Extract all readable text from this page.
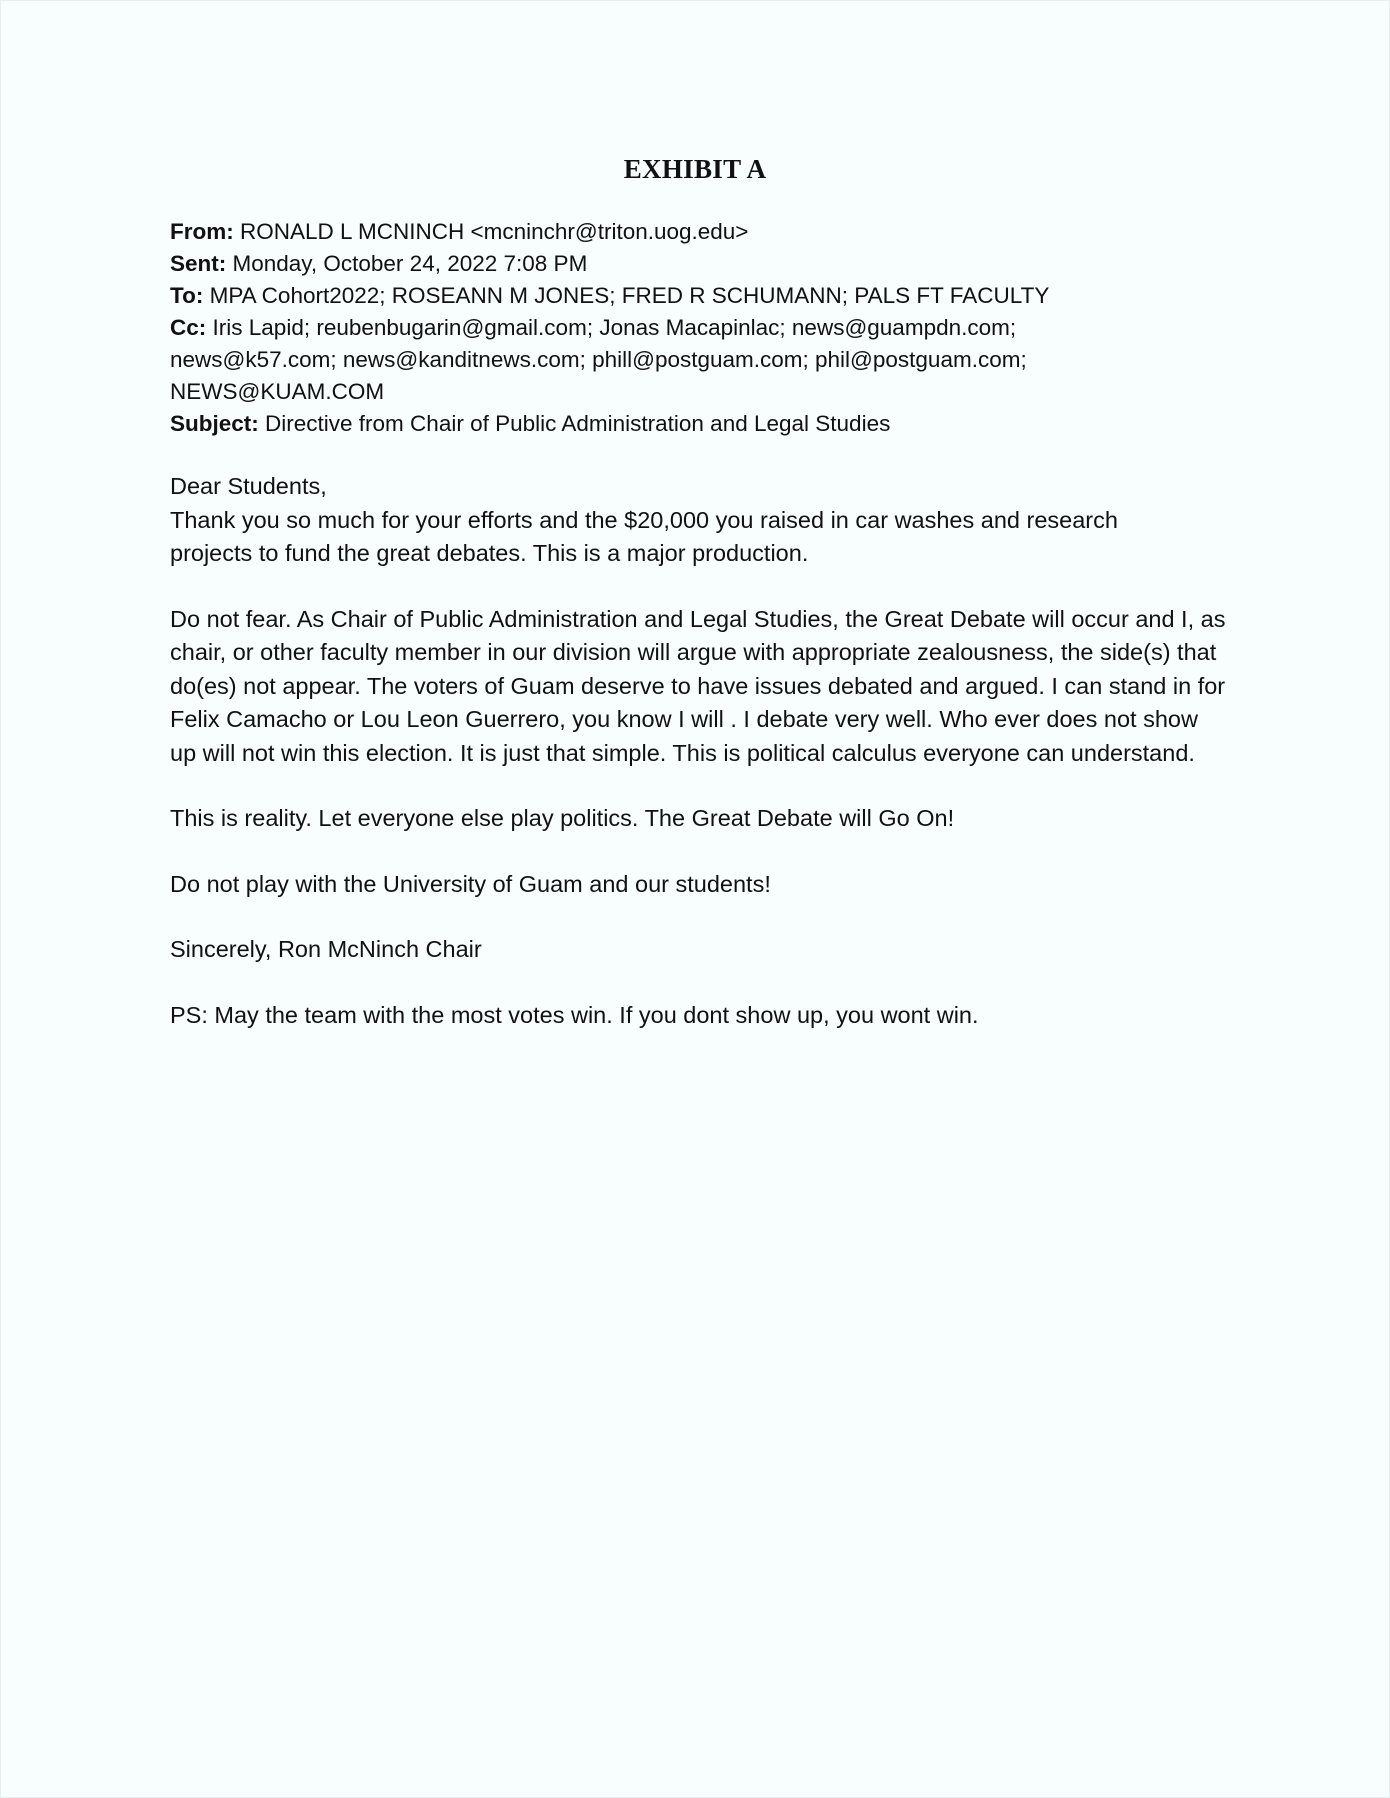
EXHIBIT A

From: RONALD L MCNINCH <mcninchr@triton.uog.edu>

Sent: Monday, October 24, 2022 7:08 PM

To: MPA Cohort2022; ROSEANN M JONES; FRED R SCHUMANN; PALS FT FACULTY

Cc: Iris Lapid; reubenbugarin@gmail.com; Jonas Macapinlac; news@guampdn.com;

news@k57.com; news@kanditnews.com; phill@postguam.com; phil@postguam.com;

NEWS@KUAM.COM

Subject: Directive from Chair of Public Administration and Legal Studies

Dear Students,

Thank you so much for your efforts and the $20,000 you raised in car washes and research projects to fund the great debates. This is a major production.

Do not fear. As Chair of Public Administration and Legal Studies, the Great Debate will occur and I, as chair, or other faculty member in our division will argue with appropriate zealousness, the side(s) that do(es) not appear. The voters of Guam deserve to have issues debated and argued. I can stand in for Felix Camacho or Lou Leon Guerrero, you know I will . I debate very well. Who ever does not show up will not win this election. It is just that simple. This is political calculus everyone can understand.

This is reality. Let everyone else play politics. The Great Debate will Go On!

Do not play with the University of Guam and our students!

Sincerely, Ron McNinch Chair

PS: May the team with the most votes win. If you dont show up, you wont win.
